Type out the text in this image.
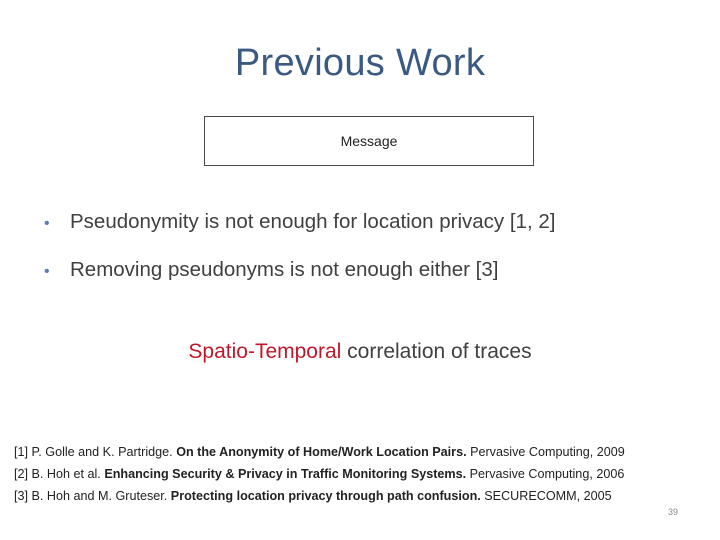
Previous Work
Message
• Pseudonymity is not enough for location privacy [1, 2]
• Removing pseudonyms is not enough either [3]
Spatio-Temporal correlation of traces
[1] P. Golle and K. Partridge. On the Anonymity of Home/Work Location Pairs. Pervasive Computing, 2009
[2] B. Hoh et al. Enhancing Security & Privacy in Traffic Monitoring Systems. Pervasive Computing, 2006
[3] B. Hoh and M. Gruteser. Protecting location privacy through path confusion. SECURECOMM, 2005
39
